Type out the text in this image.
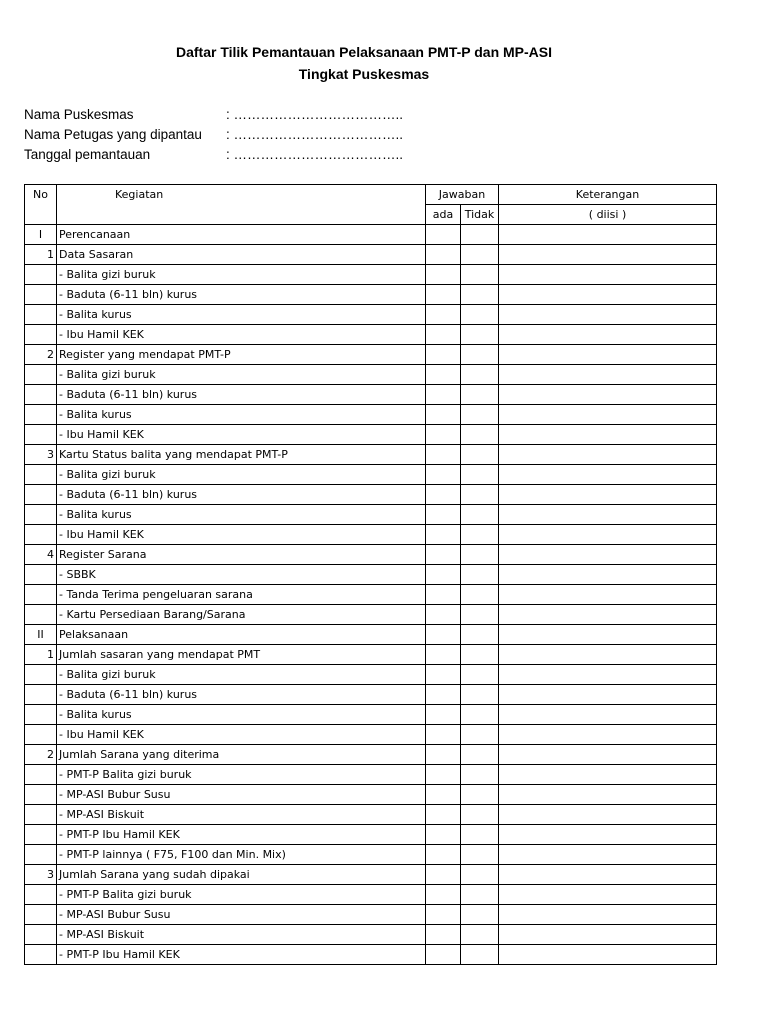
Daftar Tilik Pemantauan Pelaksanaan PMT-P dan MP-ASI
Tingkat Puskesmas
Nama Puskesmas	: ………………………………..
Nama Petugas yang dipantau : ………………………………..
Tanggal pemantauan	: ………………………………..
No	Kegiatan	Jawaban		Keterangan
		ada	Tidak	( diisi )
I	Perencanaan			
1	Data Sasaran			
	- Balita gizi buruk			
	- Baduta (6-11 bln) kurus			
	- Balita kurus			
	- Ibu Hamil KEK			
2	Register yang mendapat PMT-P			
	- Balita gizi buruk			
	- Baduta (6-11 bln) kurus			
	- Balita kurus			
	- Ibu Hamil KEK			
3	Kartu Status balita yang mendapat PMT-P			
	- Balita gizi buruk			
	- Baduta (6-11 bln) kurus			
	- Balita kurus			
	- Ibu Hamil KEK			
4	Register Sarana			
	- SBBK			
	- Tanda Terima pengeluaran sarana			
	- Kartu Persediaan Barang/Sarana			
II	Pelaksanaan			
1	Jumlah sasaran yang mendapat PMT			
	- Balita gizi buruk			
	- Baduta (6-11 bln) kurus			
	- Balita kurus			
	- Ibu Hamil KEK			
2	Jumlah Sarana yang diterima			
	- PMT-P Balita gizi buruk			
	- MP-ASI Bubur Susu			
	- MP-ASI Biskuit			
	- PMT-P Ibu Hamil KEK			
	- PMT-P lainnya ( F75, F100 dan Min. Mix)			
3	Jumlah Sarana yang sudah dipakai			
	- PMT-P Balita gizi buruk			
	- MP-ASI Bubur Susu			
	- MP-ASI Biskuit			
	- PMT-P Ibu Hamil KEK			
